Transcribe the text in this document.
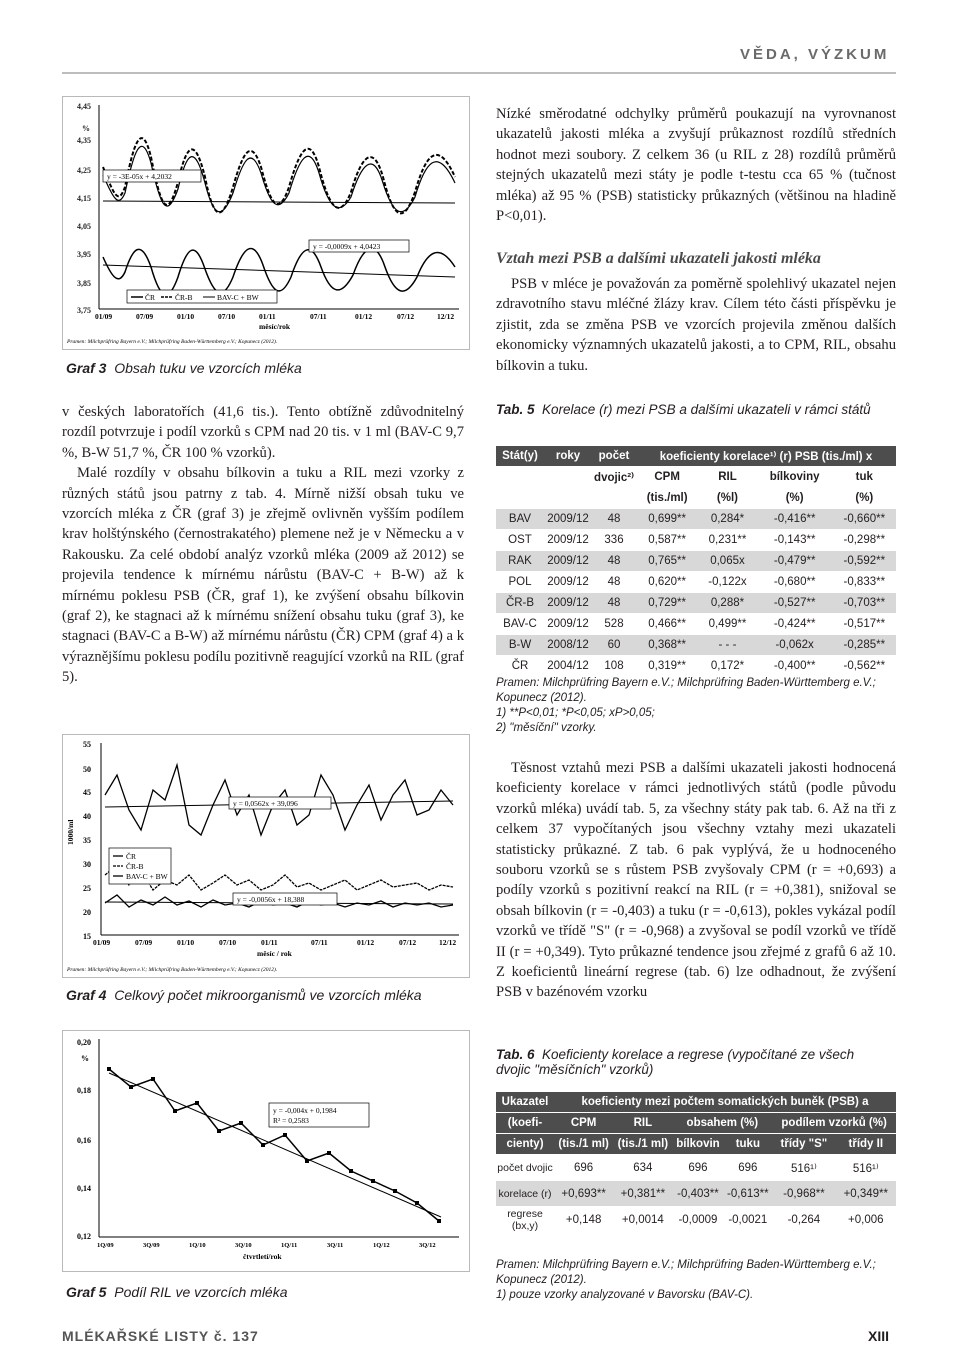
VĚDA, VÝZKUM
4,45
%
4,35
4,25
4,15
4,05
3,95
3,85
3,75
y = -3E-05x + 4,2032
y = -0,0009x + 4,0423
ČR	ČR-B	BAV-C + BW
01/09	07/09	01/10	07/10	01/11	07/11	01/12	07/12	12/12
měsíc/rok
Pramen: Milchprüfring Bayern e.V.; Milchprüfring Baden-Württemberg e.V.; Kopunecz (2012).
Graf 3 Obsah tuku ve vzorcích mléka

v českých laboratořích (41,6 tis.). Tento obtížně zdůvodnitelný rozdíl potvrzuje i podíl vzorků s CPM nad 20 tis. v 1 ml (BAV-C 9,7 %, B-W 51,7 %, ČR 100 % vzorků).

Malé rozdíly v obsahu bílkovin a tuku a RIL mezi vzorky z různých států jsou patrny z tab. 4. Mírně nižší obsah tuku ve vzorcích mléka z ČR (graf 3) je zřejmě ovlivněn vyšším podílem krav holštýnského (černostrakatého) plemene než je v Německu a v Rakousku. Za celé období analýz vzorků mléka (2009 až 2012) se projevila tendence k mírnému nárůstu (BAV-C + B-W) až k mírnému poklesu PSB (ČR, graf 1), ke zvýšení obsahu bílkovin (graf 2), ke stagnaci až k mírnému snížení obsahu tuku (graf 3), ke stagnaci (BAV-C a B-W) až mírnému nárůstu (ČR) CPM (graf 4) a k výraznějšímu poklesu podílu pozitivně reagující vzorků na RIL (graf 5).

55
50
45
40
35
30
25
20
15
1000/ml
y = 0,0562x + 39,096
y = -0,0056x + 18,388
ČR
ČR-B
BAV-C + BW
01/09	07/09	01/10	07/10	01/11	07/11	01/12	07/12	12/12
měsíc / rok
Pramen: Milchprüfring Bayern e.V.; Milchprüfring Baden-Württemberg e.V.; Kopunecz (2012).
Graf 4 Celkový počet mikroorganismů ve vzorcích mléka
0,20
%
0,18
0,16
0,14
0,12
y = -0,004x + 0,1984
R² = 0,2583
1Q/09	3Q/09	1Q/10	3Q/10	1Q/11	3Q/11	1Q/12	3Q/12
čtvrtletí/rok
Graf 5 Podíl RIL ve vzorcích mléka
Nízké směrodatné odchylky průměrů poukazují na vyrovnanost ukazatelů jakosti mléka a zvyšují průkaznost rozdílů středních hodnot mezi soubory. Z celkem 36 (u RIL z 28) rozdílů průměrů stejných ukazatelů mezi státy je podle t-testu cca 65 % (tučnost mléka) až 95 % (PSB) statisticky průkazných (většinou na hladině P<0,01).
Vztah mezi PSB a dalšími ukazateli jakosti mléka
PSB v mléce je považován za poměrně spolehlivý ukazatel nejen zdravotního stavu mléčné žlázy krav. Cílem této části příspěvku je zjistit, zda se změna PSB ve vzorcích projevila změnou dalších ekonomicky významných ukazatelů jakosti, a to CPM, RIL, obsahu bílkovin a tuku.
Tab. 5 Korelace (r) mezi PSB a dalšími ukazateli v rámci států
Stát(y)	roky	počet	koeficienty korelace¹⁾ (r) PSB (tis./ml) x			
		dvojic²⁾	CPM	RIL	bílkoviny	tuk
			(tis./ml)	(%l)	(%)	(%)
BAV	2009/12	48	0,699**	0,284*	-0,416**	-0,660**
OST	2009/12	336	0,587**	0,231**	-0,143**	-0,298**
RAK	2009/12	48	0,765**	0,065x	-0,479**	-0,592**
POL	2009/12	48	0,620**	-0,122x	-0,680**	-0,833**
ČR-B	2009/12	48	0,729**	0,288*	-0,527**	-0,703**
BAV-C	2009/12	528	0,466**	0,499**	-0,424**	-0,517**
B-W	2008/12	60	0,368**	- - -	-0,062x	-0,285**
ČR	2004/12	108	0,319**	0,172*	-0,400**	-0,562**
Pramen: Milchprüfring Bayern e.V.; Milchprüfring Baden-Württemberg e.V.; Kopunecz (2012).
1) **P<0,01; *P<0,05; xP>0,05;
2) "měsíční" vzorky.
Těsnost vztahů mezi PSB a dalšími ukazateli jakosti hodnocená koeficienty korelace v rámci jednotlivých států (podle původu vzorků mléka) uvádí tab. 5, za všechny státy pak tab. 6. Až na tři z celkem 37 vypočítaných jsou všechny vztahy mezi ukazateli statisticky průkazné. Z tab. 6 pak vyplývá, že u hodnoceného souboru vzorků se s růstem PSB zvyšovaly CPM (r = +0,693) a podíly vzorků s pozitivní reakcí na RIL (r = +0,381), snižoval se obsah bílkovin (r = -0,403) a tuku (r = -0,613), pokles vykázal podíl vzorků ve třídě "S" (r = -0,968) a zvyšoval se podíl vzorků ve třídě II (r = +0,349). Tyto průkazné tendence jsou zřejmé z grafů 6 až 10. Z koeficientů lineární regrese (tab. 6) lze odhadnout, že zvýšení PSB v bazénovém vzorku
Tab. 6 Koeficienty korelace a regrese (vypočítané ze všech dvojic "měsíčních" vzorků)
Ukazatel	koeficienty mezi počtem somatických buněk (PSB) a					
(koefi-	CPM	RIL	obsahem (%)		podílem vzorků (%)	
cienty)	(tis./1 ml)	(tis./1 ml)	bílkovin	tuku	třídy "S"	třídy II
počet dvojic	696	634	696	696	516¹⁾	516¹⁾
korelace (r)	+0,693**	+0,381**	-0,403**	-0,613**	-0,968**	+0,349**
regrese (bx,y)	+0,148	+0,0014	-0,0009	-0,0021	-0,264	+0,006
Pramen: Milchprüfring Bayern e.V.; Milchprüfring Baden-Württemberg e.V.; Kopunecz (2012).
1) pouze vzorky analyzované v Bavorsku (BAV-C).
MLÉKAŘSKÉ LISTY č. 137	XIII
